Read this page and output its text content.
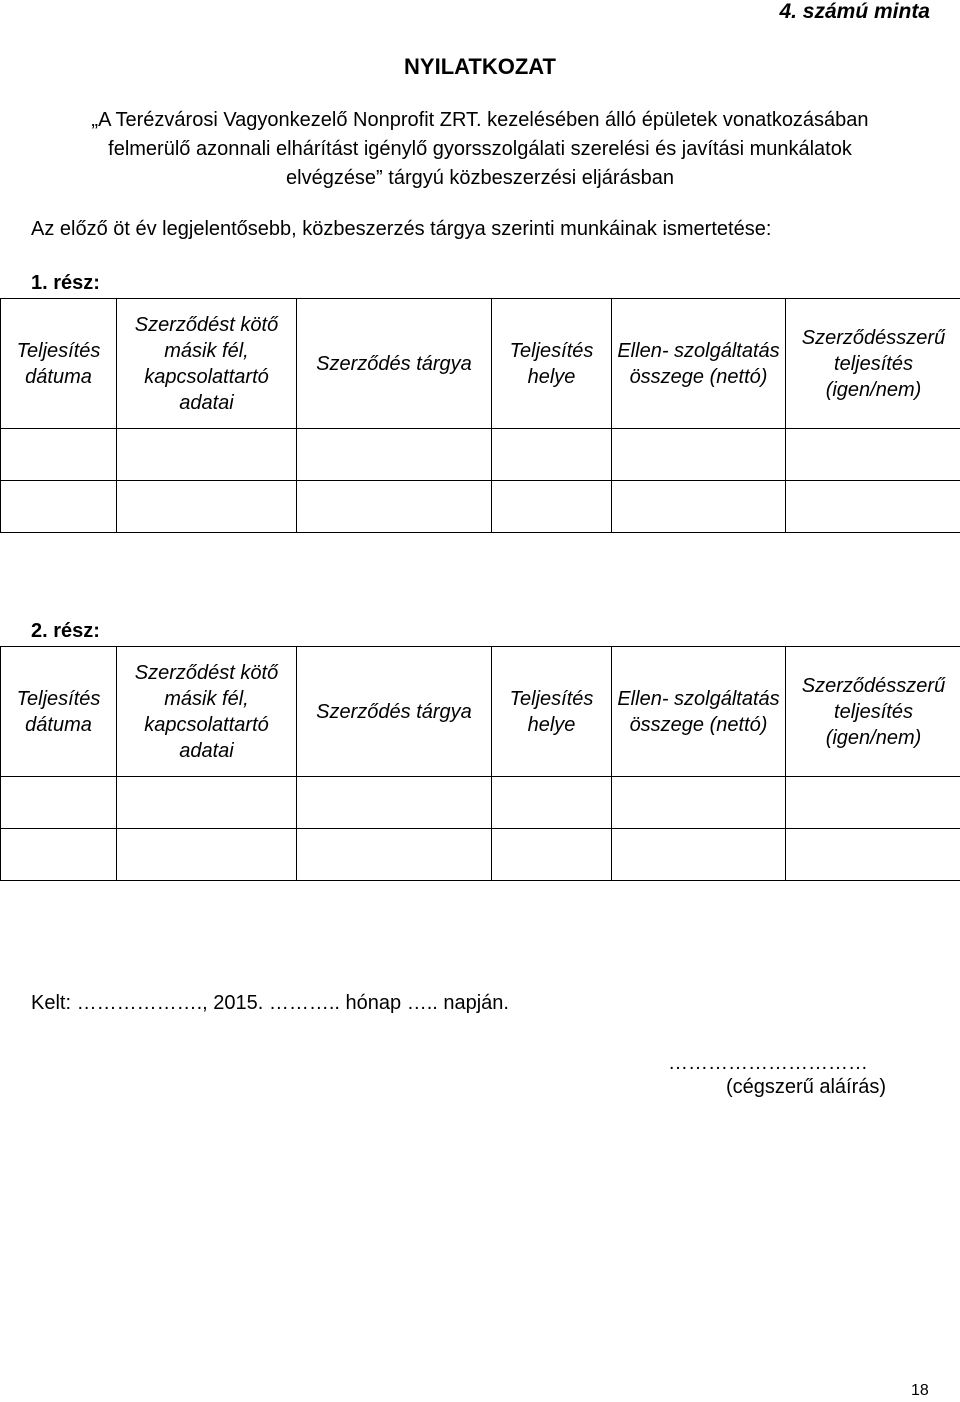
4. számú minta
NYILATKOZAT
„A Terézvárosi Vagyonkezelő Nonprofit ZRT. kezelésében álló épületek vonatkozásában
felmerülő azonnali elhárítást igénylő gyorsszolgálati szerelési és javítási munkálatok
elvégzése” tárgyú közbeszerzési eljárásban
Az előző öt év legjelentősebb, közbeszerzés tárgya szerinti munkáinak ismertetése:
1. rész:
Teljesítés dátuma	Szerződést kötő másik fél, kapcsolattartó adatai	Szerződés tárgya	Teljesítés helye	Ellen- szolgáltatás összege (nettó)	Szerződésszerű teljesítés (igen/nem)

2. rész:
Teljesítés dátuma	Szerződést kötő másik fél, kapcsolattartó adatai	Szerződés tárgya	Teljesítés helye	Ellen- szolgáltatás összege (nettó)	Szerződésszerű teljesítés (igen/nem)

Kelt: ………………., 2015. ……….. hónap ….. napján.
…………………………
(cégszerű aláírás)
18
